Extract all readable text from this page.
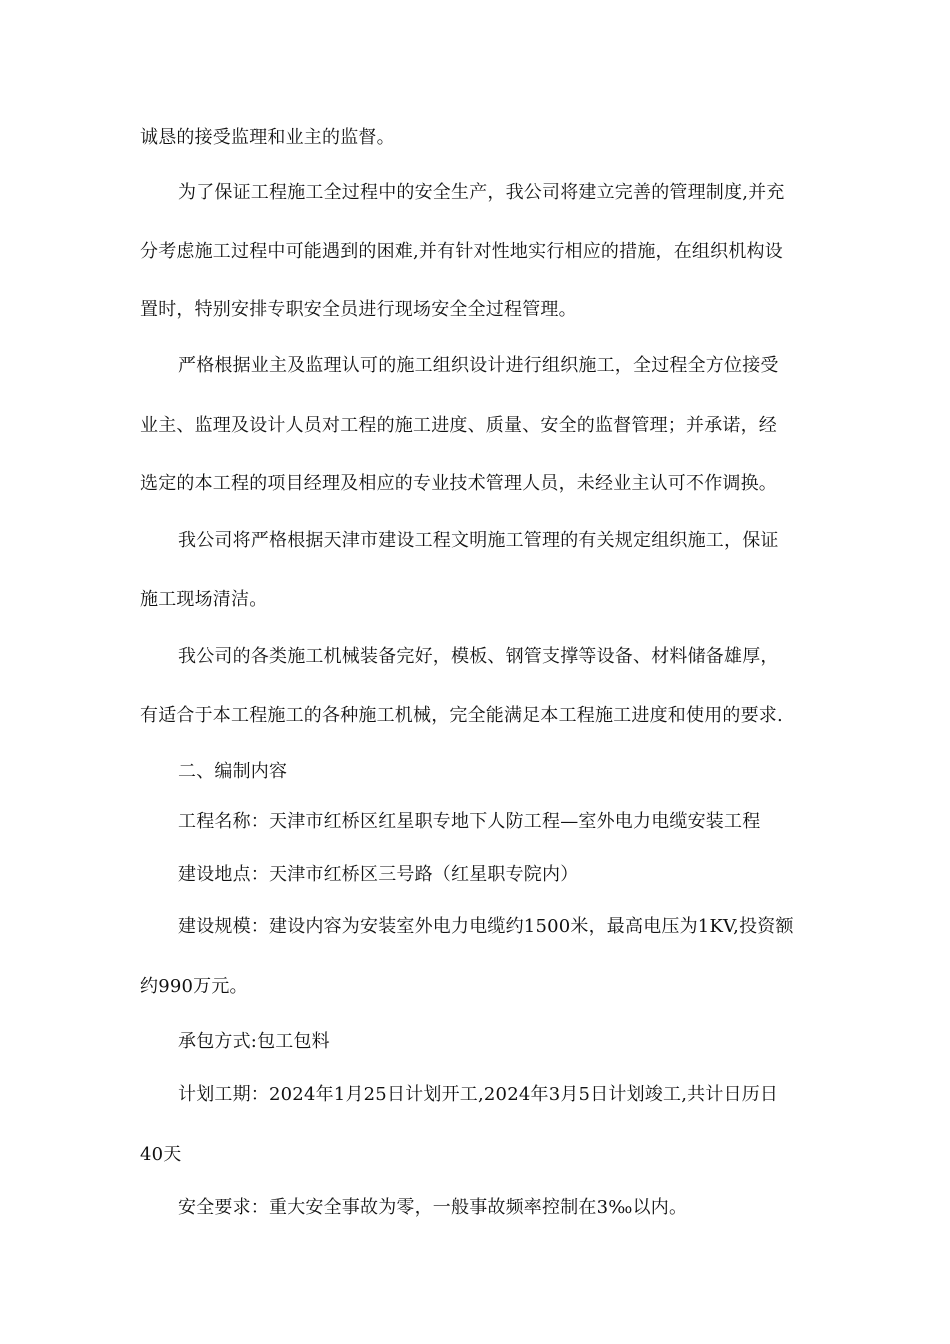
诚恳的接受监理和业主的监督。
为了保证工程施工全过程中的安全生产，我公司将建立完善的管理制度,并充
分考虑施工过程中可能遇到的困难,并有针对性地实行相应的措施，在组织机构设
置时，特别安排专职安全员进行现场安全全过程管理。
严格根据业主及监理认可的施工组织设计进行组织施工，全过程全方位接受
业主、监理及设计人员对工程的施工进度、质量、安全的监督管理；并承诺，经
选定的本工程的项目经理及相应的专业技术管理人员，未经业主认可不作调换。
我公司将严格根据天津市建设工程文明施工管理的有关规定组织施工，保证
施工现场清洁。
我公司的各类施工机械装备完好，模板、钢管支撑等设备、材料储备雄厚，
有适合于本工程施工的各种施工机械，完全能满足本工程施工进度和使用的要求.
二、编制内容
工程名称：天津市红桥区红星职专地下人防工程—室外电力电缆安装工程
建设地点：天津市红桥区三号路（红星职专院内）
建设规模：建设内容为安装室外电力电缆约1500米，最高电压为1KV,投资额
约990万元。
承包方式:包工包料
计划工期：2024年1月25日计划开工,2024年3月5日计划竣工,共计日历日
40天
安全要求：重大安全事故为零，一般事故频率控制在3‰以内。
